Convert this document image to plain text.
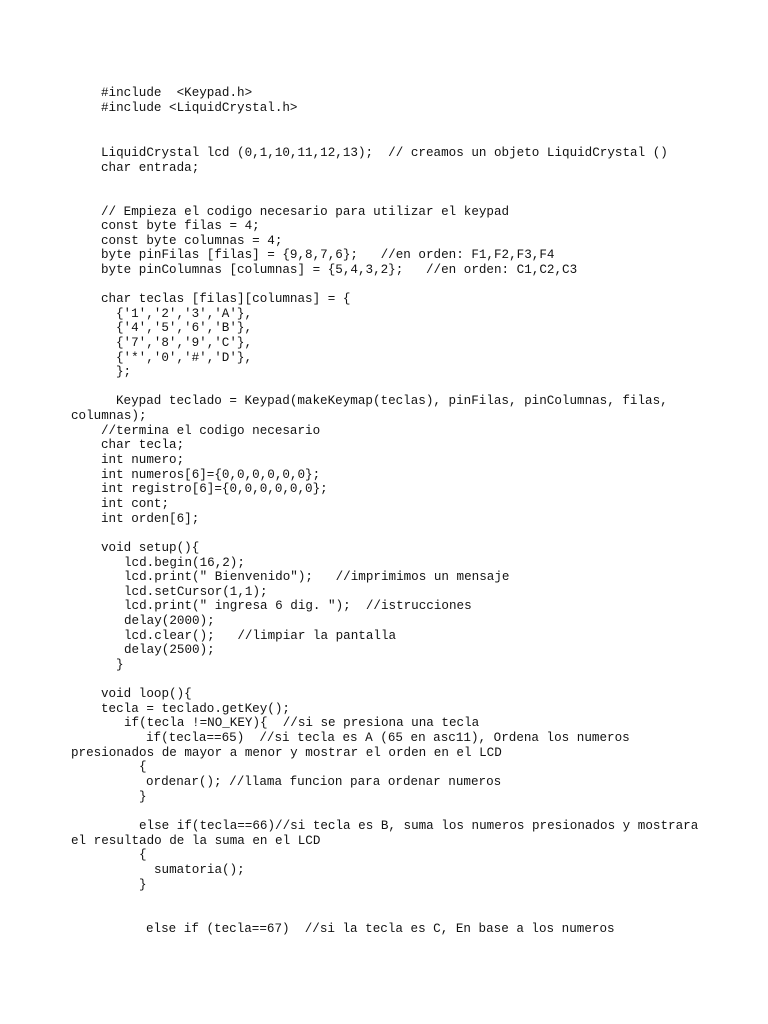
#include  <Keypad.h>
#include <LiquidCrystal.h>
LiquidCrystal lcd (0,1,10,11,12,13);  // creamos un objeto LiquidCrystal ()
char entrada;
// Empieza el codigo necesario para utilizar el keypad
const byte filas = 4;
const byte columnas = 4;
byte pinFilas [filas] = {9,8,7,6};   //en orden: F1,F2,F3,F4
byte pinColumnas [columnas] = {5,4,3,2};   //en orden: C1,C2,C3
char teclas [filas][columnas] = {
{'1','2','3','A'},
{'4','5','6','B'},
{'7','8','9','C'},
{'*','0','#','D'},
};
Keypad teclado = Keypad(makeKeymap(teclas), pinFilas, pinColumnas, filas,
columnas);
//termina el codigo necesario
char tecla;
int numero;
int numeros[6]={0,0,0,0,0,0};
int registro[6]={0,0,0,0,0,0};
int cont;
int orden[6];
void setup(){
lcd.begin(16,2);
lcd.print(" Bienvenido");   //imprimimos un mensaje
lcd.setCursor(1,1);
lcd.print(" ingresa 6 dig. ");  //istrucciones
delay(2000);
lcd.clear();   //limpiar la pantalla
delay(2500);
}
void loop(){
tecla = teclado.getKey();
if(tecla !=NO_KEY){  //si se presiona una tecla
if(tecla==65)  //si tecla es A (65 en asc11), Ordena los numeros
presionados de mayor a menor y mostrar el orden en el LCD
{
ordenar(); //llama funcion para ordenar numeros
}
else if(tecla==66)//si tecla es B, suma los numeros presionados y mostrara
el resultado de la suma en el LCD
{
sumatoria();
}
else if (tecla==67)  //si la tecla es C, En base a los numeros
